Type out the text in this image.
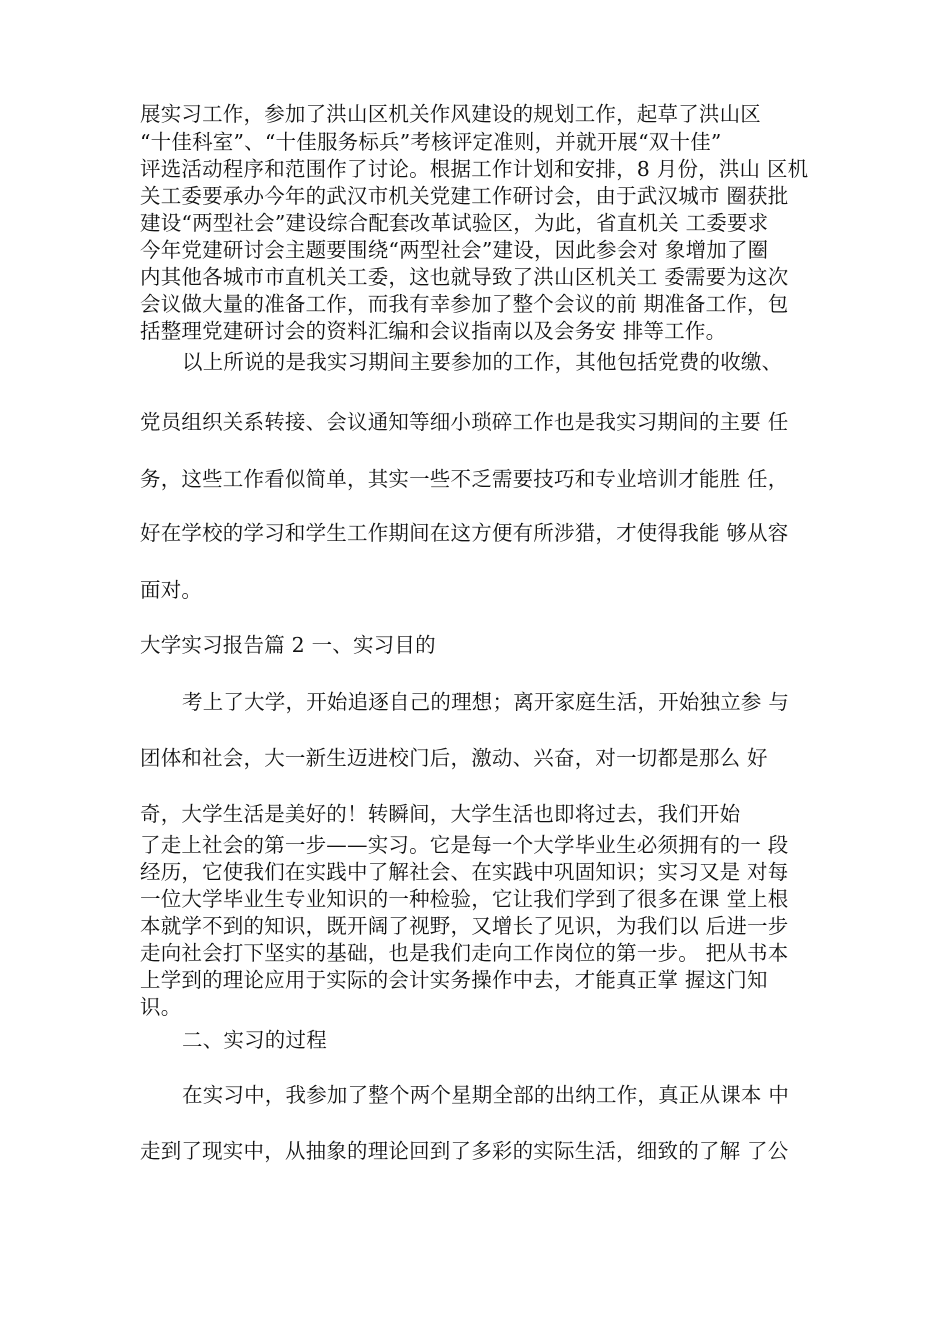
展实习工作，参加了洪山区机关作风建设的规划工作，起草了洪山区
“十佳科室”、“十佳服务标兵”考核评定准则，并就开展“双十佳”
评选活动程序和范围作了讨论。根据工作计划和安排，8 月份，洪山 区机
关工委要承办今年的武汉市机关党建工作研讨会，由于武汉城市 圈获批
建设“两型社会”建设综合配套改革试验区，为此，省直机关 工委要求
今年党建研讨会主题要围绕“两型社会”建设，因此参会对 象增加了圈
内其他各城市市直机关工委，这也就导致了洪山区机关工 委需要为这次
会议做大量的准备工作，而我有幸参加了整个会议的前 期准备工作，包
括整理党建研讨会的资料汇编和会议指南以及会务安 排等工作。
以上所说的是我实习期间主要参加的工作，其他包括党费的收缴、
党员组织关系转接、会议通知等细小琐碎工作也是我实习期间的主要 任
务，这些工作看似简单，其实一些不乏需要技巧和专业培训才能胜 任，
好在学校的学习和学生工作期间在这方便有所涉猎，才使得我能 够从容
面对。
大学实习报告篇 2 一、实习目的
考上了大学，开始追逐自己的理想；离开家庭生活，开始独立参 与
团体和社会，大一新生迈进校门后，激动、兴奋，对一切都是那么 好
奇，大学生活是美好的！转瞬间，大学生活也即将过去，我们开始
了走上社会的第一步——实习。它是每一个大学毕业生必须拥有的一 段
经历，它使我们在实践中了解社会、在实践中巩固知识；实习又是 对每
一位大学毕业生专业知识的一种检验，它让我们学到了很多在课 堂上根
本就学不到的知识，既开阔了视野，又增长了见识，为我们以 后进一步
走向社会打下坚实的基础，也是我们走向工作岗位的第一步。 把从书本
上学到的理论应用于实际的会计实务操作中去，才能真正掌 握这门知
识。
二、实习的过程
在实习中，我参加了整个两个星期全部的出纳工作，真正从课本 中
走到了现实中，从抽象的理论回到了多彩的实际生活，细致的了解 了公
